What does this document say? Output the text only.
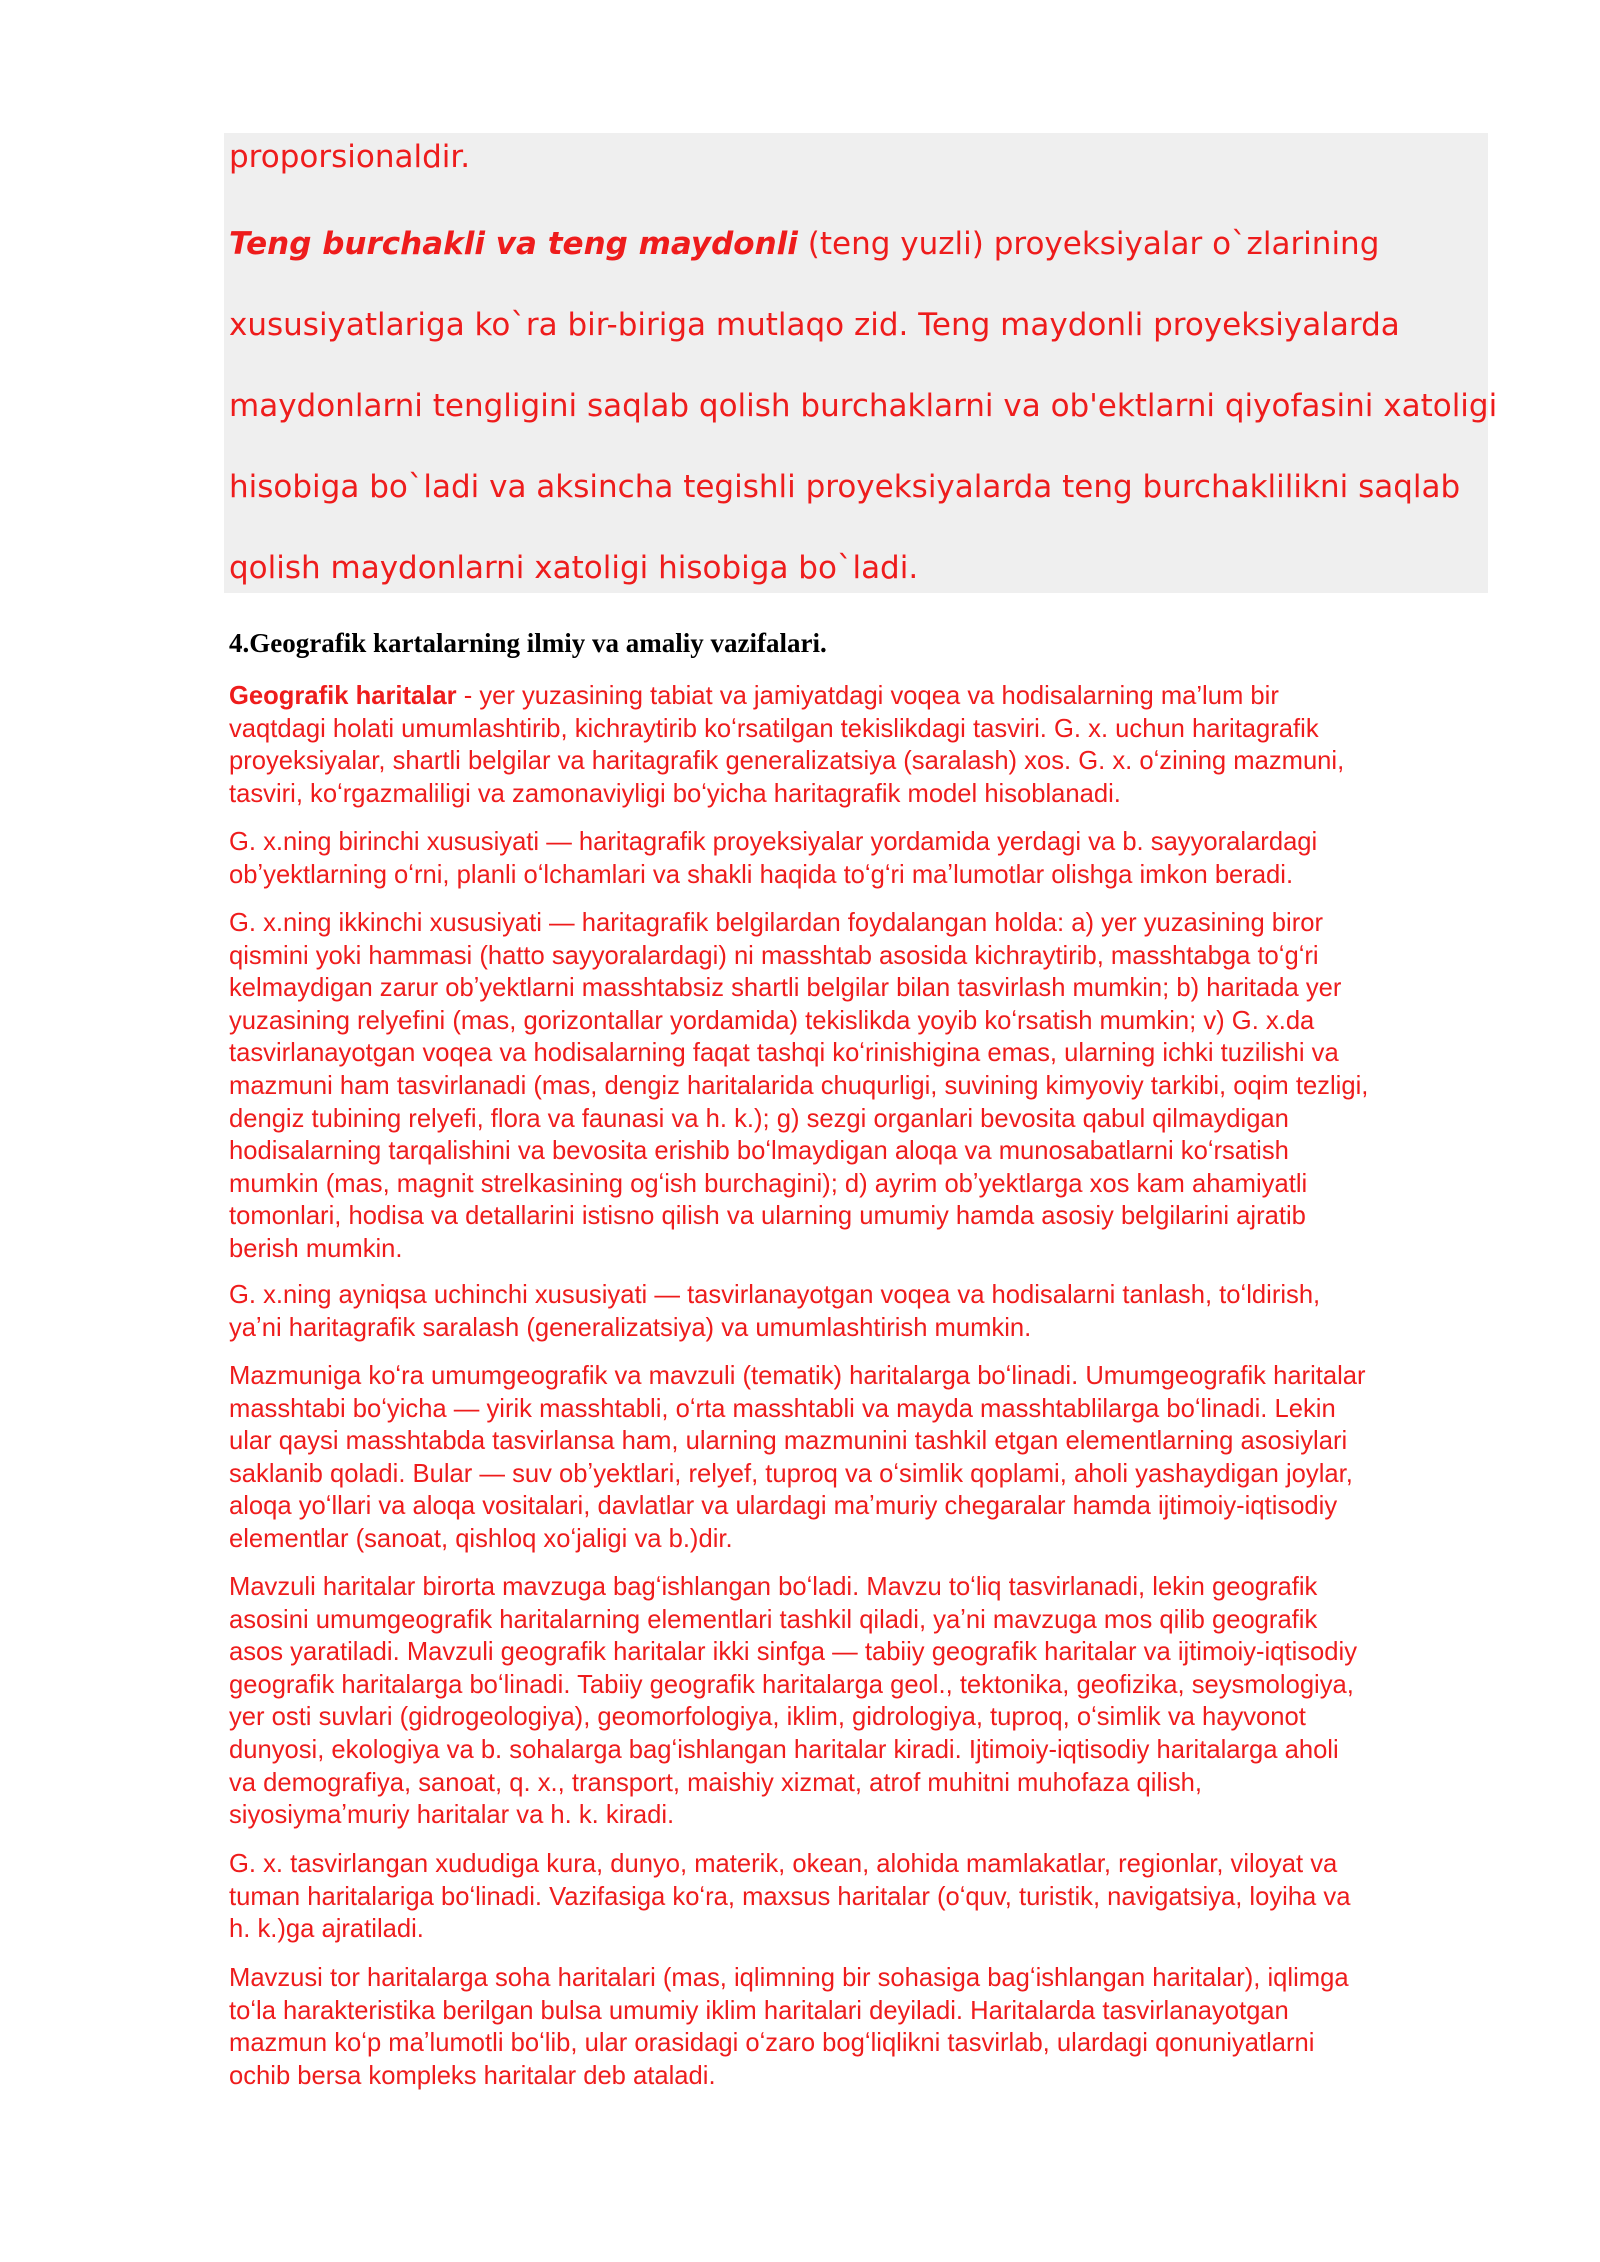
proporsionaldir.
Teng burchakli va teng maydonli (teng yuzli) proyeksiyalar o`zlarining
xususiyatlariga ko`ra bir-biriga mutlaqo zid. Teng maydonli proyeksiyalarda
maydonlarni tengligini saqlab qolish burchaklarni va ob'ektlarni qiyofasini xatoligi
hisobiga bo`ladi va aksincha tegishli proyeksiyalarda teng burchaklilikni saqlab
qolish maydonlarni xatoligi hisobiga bo`ladi.
4.Geografik kartalarning ilmiy va amaliy vazifalari.
Geografik haritalar - yer yuzasining tabiat va jamiyatdagi voqea va hodisalarning ma’lum bir
vaqtdagi holati umumlashtirib, kichraytirib koʻrsatilgan tekislikdagi tasviri. G. x. uchun haritagrafik
proyeksiyalar, shartli belgilar va haritagrafik generalizatsiya (saralash) xos. G. x. oʻzining mazmuni,
tasviri, koʻrgazmaliligi va zamonaviyligi boʻyicha haritagrafik model hisoblanadi.
G. x.ning birinchi xususiyati — haritagrafik proyeksiyalar yordamida yerdagi va b. sayyoralardagi
obʼyektlarning oʻrni, planli oʻlchamlari va shakli haqida toʻgʻri maʼlumotlar olishga imkon beradi.
G. x.ning ikkinchi xususiyati — haritagrafik belgilardan foydalangan holda: a) yer yuzasining biror
qismini yoki hammasi (hatto sayyoralardagi) ni masshtab asosida kichraytirib, masshtabga toʻgʻri
kelmaydigan zarur obʼyektlarni masshtabsiz shartli belgilar bilan tasvirlash mumkin; b) haritada yer
yuzasining relyefini (mas, gorizontallar yordamida) tekislikda yoyib koʻrsatish mumkin; v) G. x.da
tasvirlanayotgan voqea va hodisalarning faqat tashqi koʻrinishigina emas, ularning ichki tuzilishi va
mazmuni ham tasvirlanadi (mas, dengiz haritalarida chuqurligi, suvining kimyoviy tarkibi, oqim tezligi,
dengiz tubining relyefi, flora va faunasi va h. k.); g) sezgi organlari bevosita qabul qilmaydigan
hodisalarning tarqalishini va bevosita erishib boʻlmaydigan aloqa va munosabatlarni koʻrsatish
mumkin (mas, magnit strelkasining ogʻish burchagini); d) ayrim obʼyektlarga xos kam ahamiyatli
tomonlari, hodisa va detallarini istisno qilish va ularning umumiy hamda asosiy belgilarini ajratib
berish mumkin.
G. x.ning ayniqsa uchinchi xususiyati — tasvirlanayotgan voqea va hodisalarni tanlash, toʻldirish,
yaʼni haritagrafik saralash (generalizatsiya) va umumlashtirish mumkin.
Mazmuniga koʻra umumgeografik va mavzuli (tematik) haritalarga boʻlinadi. Umumgeografik haritalar
masshtabi boʻyicha — yirik masshtabli, oʻrta masshtabli va mayda masshtablilarga boʻlinadi. Lekin
ular qaysi masshtabda tasvirlansa ham, ularning mazmunini tashkil etgan elementlarning asosiylari
saklanib qoladi. Bular — suv obʼyektlari, relyef, tuproq va oʻsimlik qoplami, aholi yashaydigan joylar,
aloqa yoʻllari va aloqa vositalari, davlatlar va ulardagi maʼmuriy chegaralar hamda ijtimoiy-iqtisodiy
elementlar (sanoat, qishloq xoʻjaligi va b.)dir.
Mavzuli haritalar birorta mavzuga bagʻishlangan boʻladi. Mavzu toʻliq tasvirlanadi, lekin geografik
asosini umumgeografik haritalarning elementlari tashkil qiladi, yaʼni mavzuga mos qilib geografik
asos yaratiladi. Mavzuli geografik haritalar ikki sinfga — tabiiy geografik haritalar va ijtimoiy-iqtisodiy
geografik haritalarga boʻlinadi. Tabiiy geografik haritalarga geol., tektonika, geofizika, seysmologiya,
yer osti suvlari (gidrogeologiya), geomorfologiya, iklim, gidrologiya, tuproq, oʻsimlik va hayvonot
dunyosi, ekologiya va b. sohalarga bagʻishlangan haritalar kiradi. Ijtimoiy-iqtisodiy haritalarga aholi
va demografiya, sanoat, q. x., transport, maishiy xizmat, atrof muhitni muhofaza qilish,
siyosiymaʼmuriy haritalar va h. k. kiradi.
G. x. tasvirlangan xududiga kura, dunyo, materik, okean, alohida mamlakatlar, regionlar, viloyat va
tuman haritalariga boʻlinadi. Vazifasiga koʻra, maxsus haritalar (oʻquv, turistik, navigatsiya, loyiha va
h. k.)ga ajratiladi.
Mavzusi tor haritalarga soha haritalari (mas, iqlimning bir sohasiga bagʻishlangan haritalar), iqlimga
toʻla harakteristika berilgan bulsa umumiy iklim haritalari deyiladi. Haritalarda tasvirlanayotgan
mazmun koʻp maʼlumotli boʻlib, ular orasidagi oʻzaro bogʻliqlikni tasvirlab, ulardagi qonuniyatlarni
ochib bersa kompleks haritalar deb ataladi.
